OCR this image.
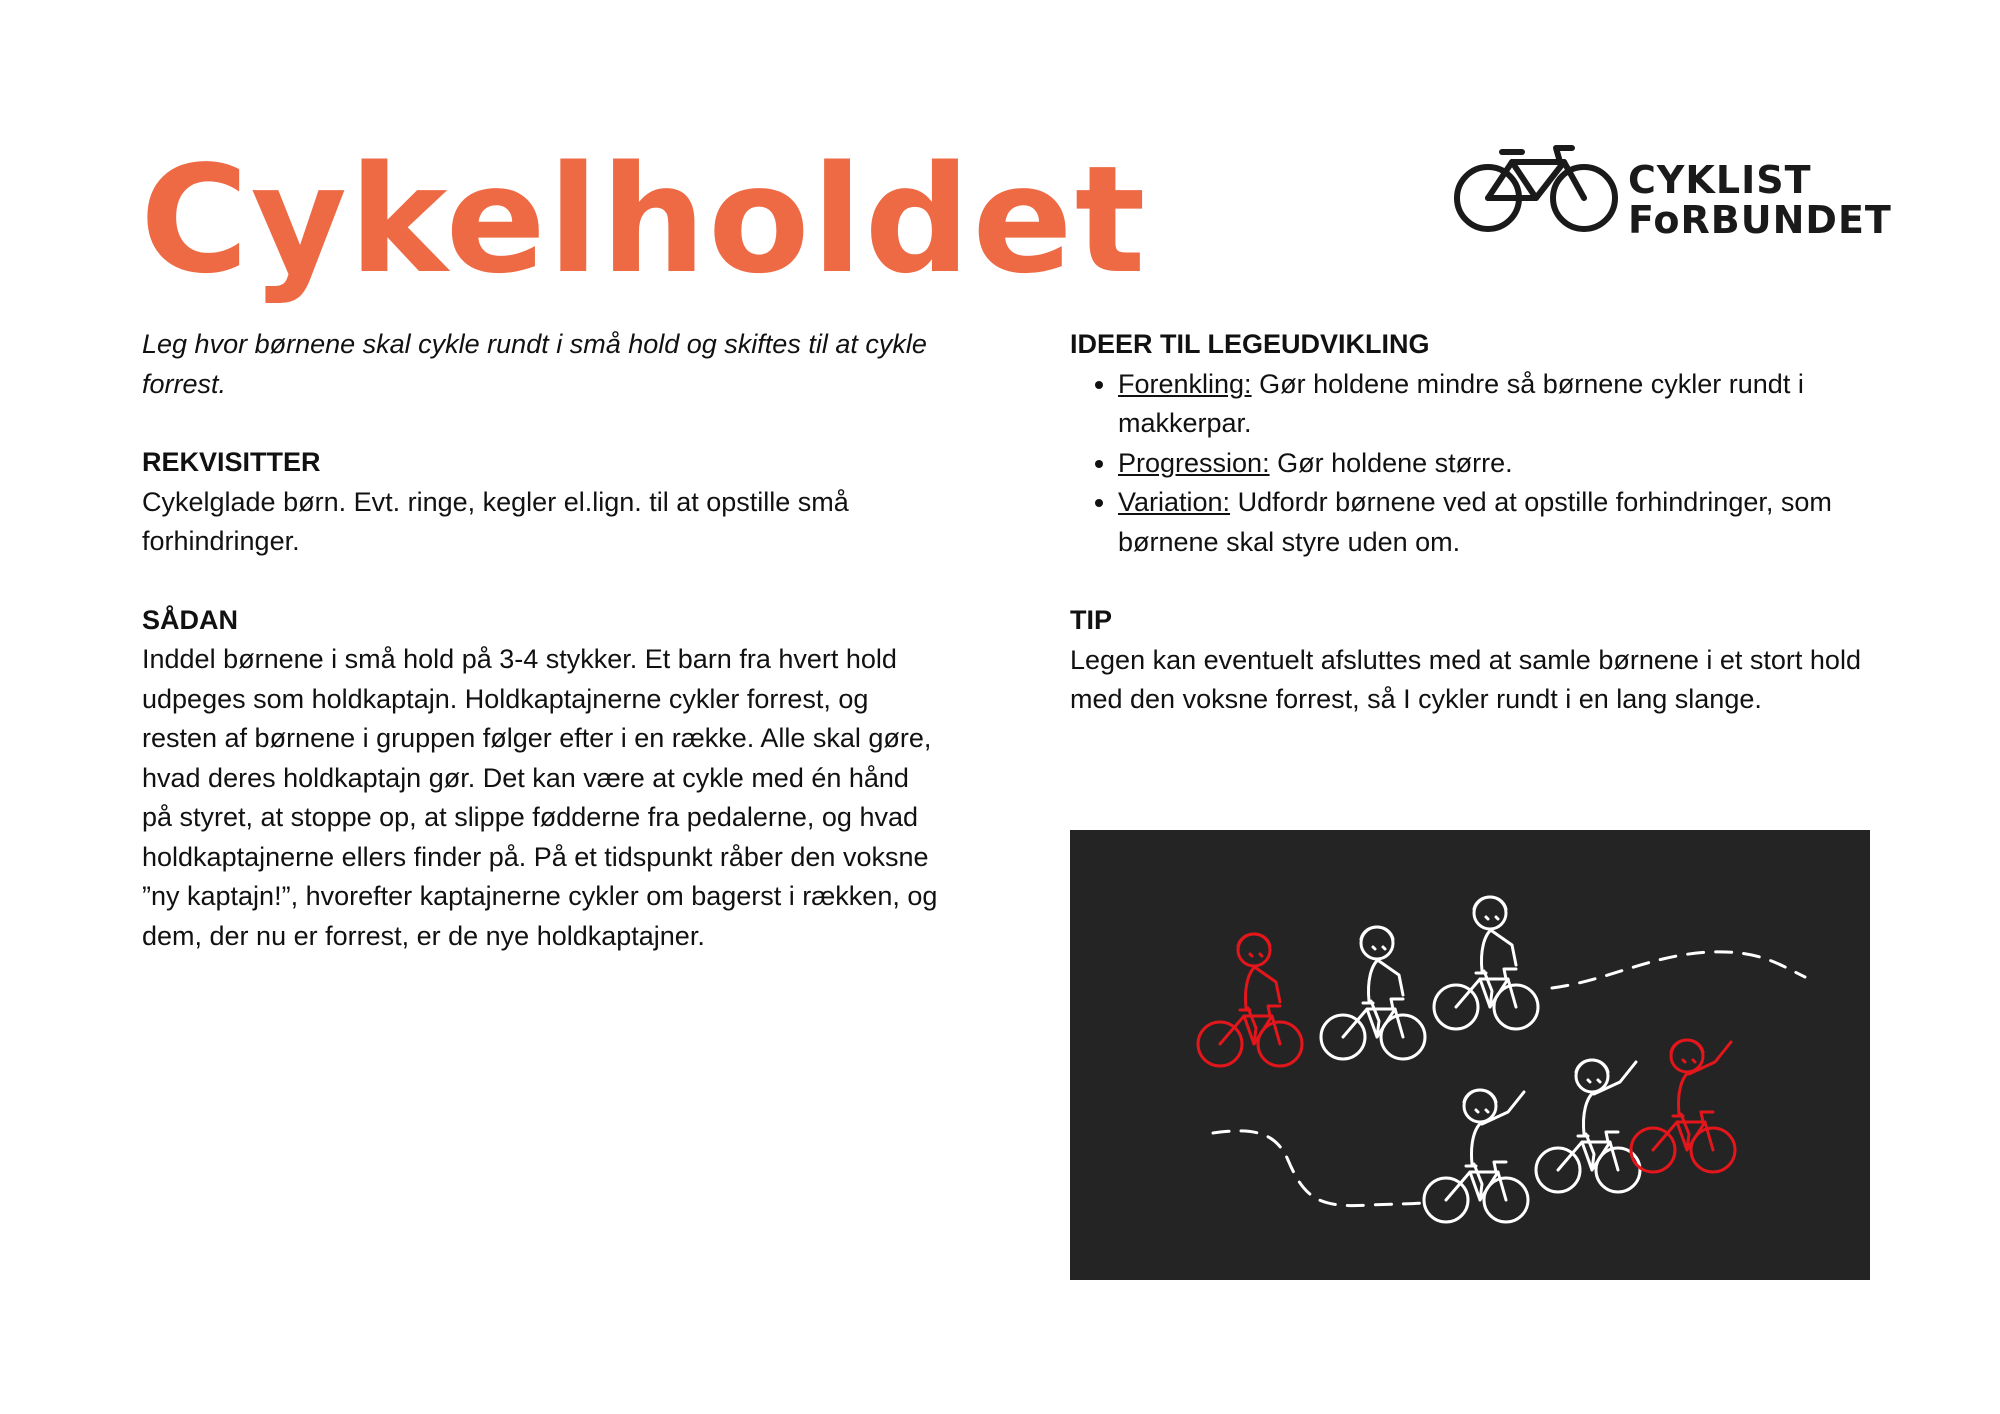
Cykelholdet	CYKLIST
FoRBUNDET

Leg hvor børnene skal cykle rundt i små hold og skiftes til at cykle forrest.

REKVISITTER

Cykelglade børn. Evt. ringe, kegler el.lign. til at opstille små forhindringer.

SÅDAN

Inddel børnene i små hold på 3-4 stykker. Et barn fra hvert hold udpeges som holdkaptajn. Holdkaptajnerne cykler forrest, og resten af børnene i gruppen følger efter i en række. Alle skal gøre, hvad deres holdkaptajn gør. Det kan være at cykle med én hånd på styret, at stoppe op, at slippe fødderne fra pedalerne, og hvad holdkaptajnerne ellers finder på. På et tidspunkt råber den voksne ”ny kaptajn!”, hvorefter kaptajnerne cykler om bagerst i rækken, og dem, der nu er forrest, er de nye holdkaptajner.

IDEER TIL LEGEUDVIKLING

• Forenkling: Gør holdene mindre så børnene cykler rundt i makkerpar.
• Progression: Gør holdene større.
• Variation: Udfordr børnene ved at opstille forhindringer, som børnene skal styre uden om.

TIP

Legen kan eventuelt afsluttes med at samle børnene i et stort hold med den voksne forrest, så I cykler rundt i en lang slange.
